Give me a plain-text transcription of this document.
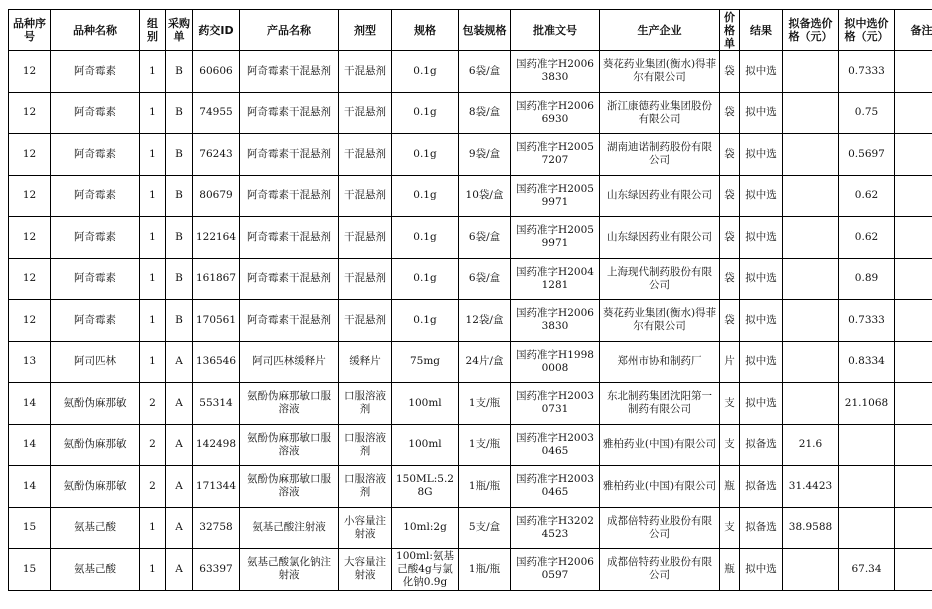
品种序号	品种名称	组别	采购单	药交ID	产品名称	剂型	规格	包装规格	批准文号	生产企业	价格单	结果	拟备选价格（元）	拟中选价格（元）	备注
12	阿奇霉素	1	B	60606	阿奇霉素干混悬剂	干混悬剂	0.1g	6袋/盒	国药准字H20063830	葵花药业集团(衡水)得菲尔有限公司	袋	拟中选		0.7333	
12	阿奇霉素	1	B	74955	阿奇霉素干混悬剂	干混悬剂	0.1g	8袋/盒	国药准字H20066930	浙江康德药业集团股份有限公司	袋	拟中选		0.75	
12	阿奇霉素	1	B	76243	阿奇霉素干混悬剂	干混悬剂	0.1g	9袋/盒	国药准字H20057207	湖南迪诺制药股份有限公司	袋	拟中选		0.5697	
12	阿奇霉素	1	B	80679	阿奇霉素干混悬剂	干混悬剂	0.1g	10袋/盒	国药准字H20059971	山东绿因药业有限公司	袋	拟中选		0.62	
12	阿奇霉素	1	B	122164	阿奇霉素干混悬剂	干混悬剂	0.1g	6袋/盒	国药准字H20059971	山东绿因药业有限公司	袋	拟中选		0.62	
12	阿奇霉素	1	B	161867	阿奇霉素干混悬剂	干混悬剂	0.1g	6袋/盒	国药准字H20041281	上海现代制药股份有限公司	袋	拟中选		0.89	
12	阿奇霉素	1	B	170561	阿奇霉素干混悬剂	干混悬剂	0.1g	12袋/盒	国药准字H20063830	葵花药业集团(衡水)得菲尔有限公司	袋	拟中选		0.7333	
13	阿司匹林	1	A	136546	阿司匹林缓释片	缓释片	75mg	24片/盒	国药准字H19980008	郑州市协和制药厂	片	拟中选		0.8334	
14	氨酚伪麻那敏	2	A	55314	氨酚伪麻那敏口服溶液	口服溶液剂	100ml	1支/瓶	国药准字H20030731	东北制药集团沈阳第一制药有限公司	支	拟中选		21.1068	
14	氨酚伪麻那敏	2	A	142498	氨酚伪麻那敏口服溶液	口服溶液剂	100ml	1支/瓶	国药准字H20030465	雅柏药业(中国)有限公司	支	拟备选	21.6		
14	氨酚伪麻那敏	2	A	171344	氨酚伪麻那敏口服溶液	口服溶液剂	150ML:5.28G	1瓶/瓶	国药准字H20030465	雅柏药业(中国)有限公司	瓶	拟备选	31.4423		
15	氨基己酸	1	A	32758	氨基己酸注射液	小容量注射液	10ml:2g	5支/盒	国药准字H32024523	成都倍特药业股份有限公司	支	拟备选	38.9588		
15	氨基己酸	1	A	63397	氨基己酸氯化钠注射液	大容量注射液	100ml:氨基己酸4g与氯化钠0.9g	1瓶/瓶	国药准字H20060597	成都倍特药业股份有限公司	瓶	拟中选		67.34	
